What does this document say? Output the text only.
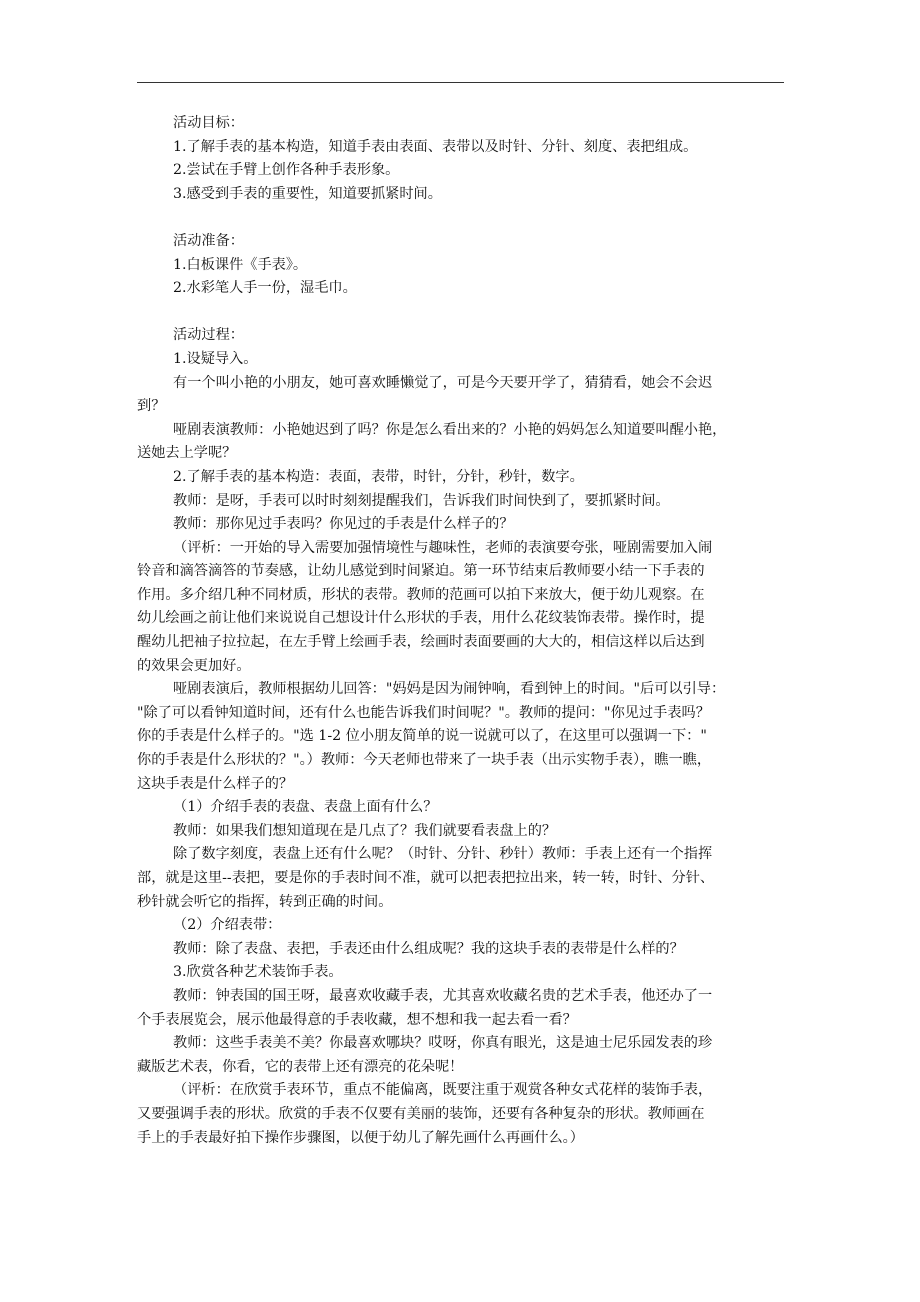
活动目标：

1.了解手表的基本构造，知道手表由表面、表带以及时针、分针、刻度、表把组成。

2.尝试在手臂上创作各种手表形象。

3.感受到手表的重要性，知道要抓紧时间。

活动准备：

1.白板课件《手表》。

2.水彩笔人手一份，湿毛巾。

活动过程：

1.设疑导入。

有一个叫小艳的小朋友，她可喜欢睡懒觉了，可是今天要开学了，猜猜看，她会不会迟

到？

哑剧表演教师：小艳她迟到了吗？你是怎么看出来的？小艳的妈妈怎么知道要叫醒小艳，

送她去上学呢？

2.了解手表的基本构造：表面，表带，时针，分针，秒针，数字。

教师：是呀，手表可以时时刻刻提醒我们，告诉我们时间快到了，要抓紧时间。

教师：那你见过手表吗？你见过的手表是什么样子的？

（评析：一开始的导入需要加强情境性与趣味性，老师的表演要夸张，哑剧需要加入闹

铃音和滴答滴答的节奏感，让幼儿感觉到时间紧迫。第一环节结束后教师要小结一下手表的

作用。多介绍几种不同材质，形状的表带。教师的范画可以拍下来放大，便于幼儿观察。在

幼儿绘画之前让他们来说说自己想设计什么形状的手表，用什么花纹装饰表带。操作时，提

醒幼儿把袖子拉拉起，在左手臂上绘画手表，绘画时表面要画的大大的，相信这样以后达到

的效果会更加好。

哑剧表演后，教师根据幼儿回答："妈妈是因为闹钟响，看到钟上的时间。"后可以引导：

"除了可以看钟知道时间，还有什么也能告诉我们时间呢？"。教师的提问："你见过手表吗？

你的手表是什么样子的。"选 1-2 位小朋友简单的说一说就可以了，在这里可以强调一下："

你的手表是什么形状的？"。）教师：今天老师也带来了一块手表（出示实物手表），瞧一瞧，

这块手表是什么样子的？

（1）介绍手表的表盘、表盘上面有什么？

教师：如果我们想知道现在是几点了？我们就要看表盘上的？

除了数字刻度，表盘上还有什么呢？（时针、分针、秒针）教师：手表上还有一个指挥

部，就是这里--表把，要是你的手表时间不准，就可以把表把拉出来，转一转，时针、分针、

秒针就会听它的指挥，转到正确的时间。

（2）介绍表带：

教师：除了表盘、表把，手表还由什么组成呢？我的这块手表的表带是什么样的？

3.欣赏各种艺术装饰手表。

教师：钟表国的国王呀，最喜欢收藏手表，尤其喜欢收藏名贵的艺术手表，他还办了一

个手表展览会，展示他最得意的手表收藏，想不想和我一起去看一看？

教师：这些手表美不美？你最喜欢哪块？哎呀，你真有眼光，这是迪士尼乐园发表的珍

藏版艺术表，你看，它的表带上还有漂亮的花朵呢！

（评析：在欣赏手表环节，重点不能偏离，既要注重于观赏各种女式花样的装饰手表，

又要强调手表的形状。欣赏的手表不仅要有美丽的装饰，还要有各种复杂的形状。教师画在

手上的手表最好拍下操作步骤图，以便于幼儿了解先画什么再画什么。）
